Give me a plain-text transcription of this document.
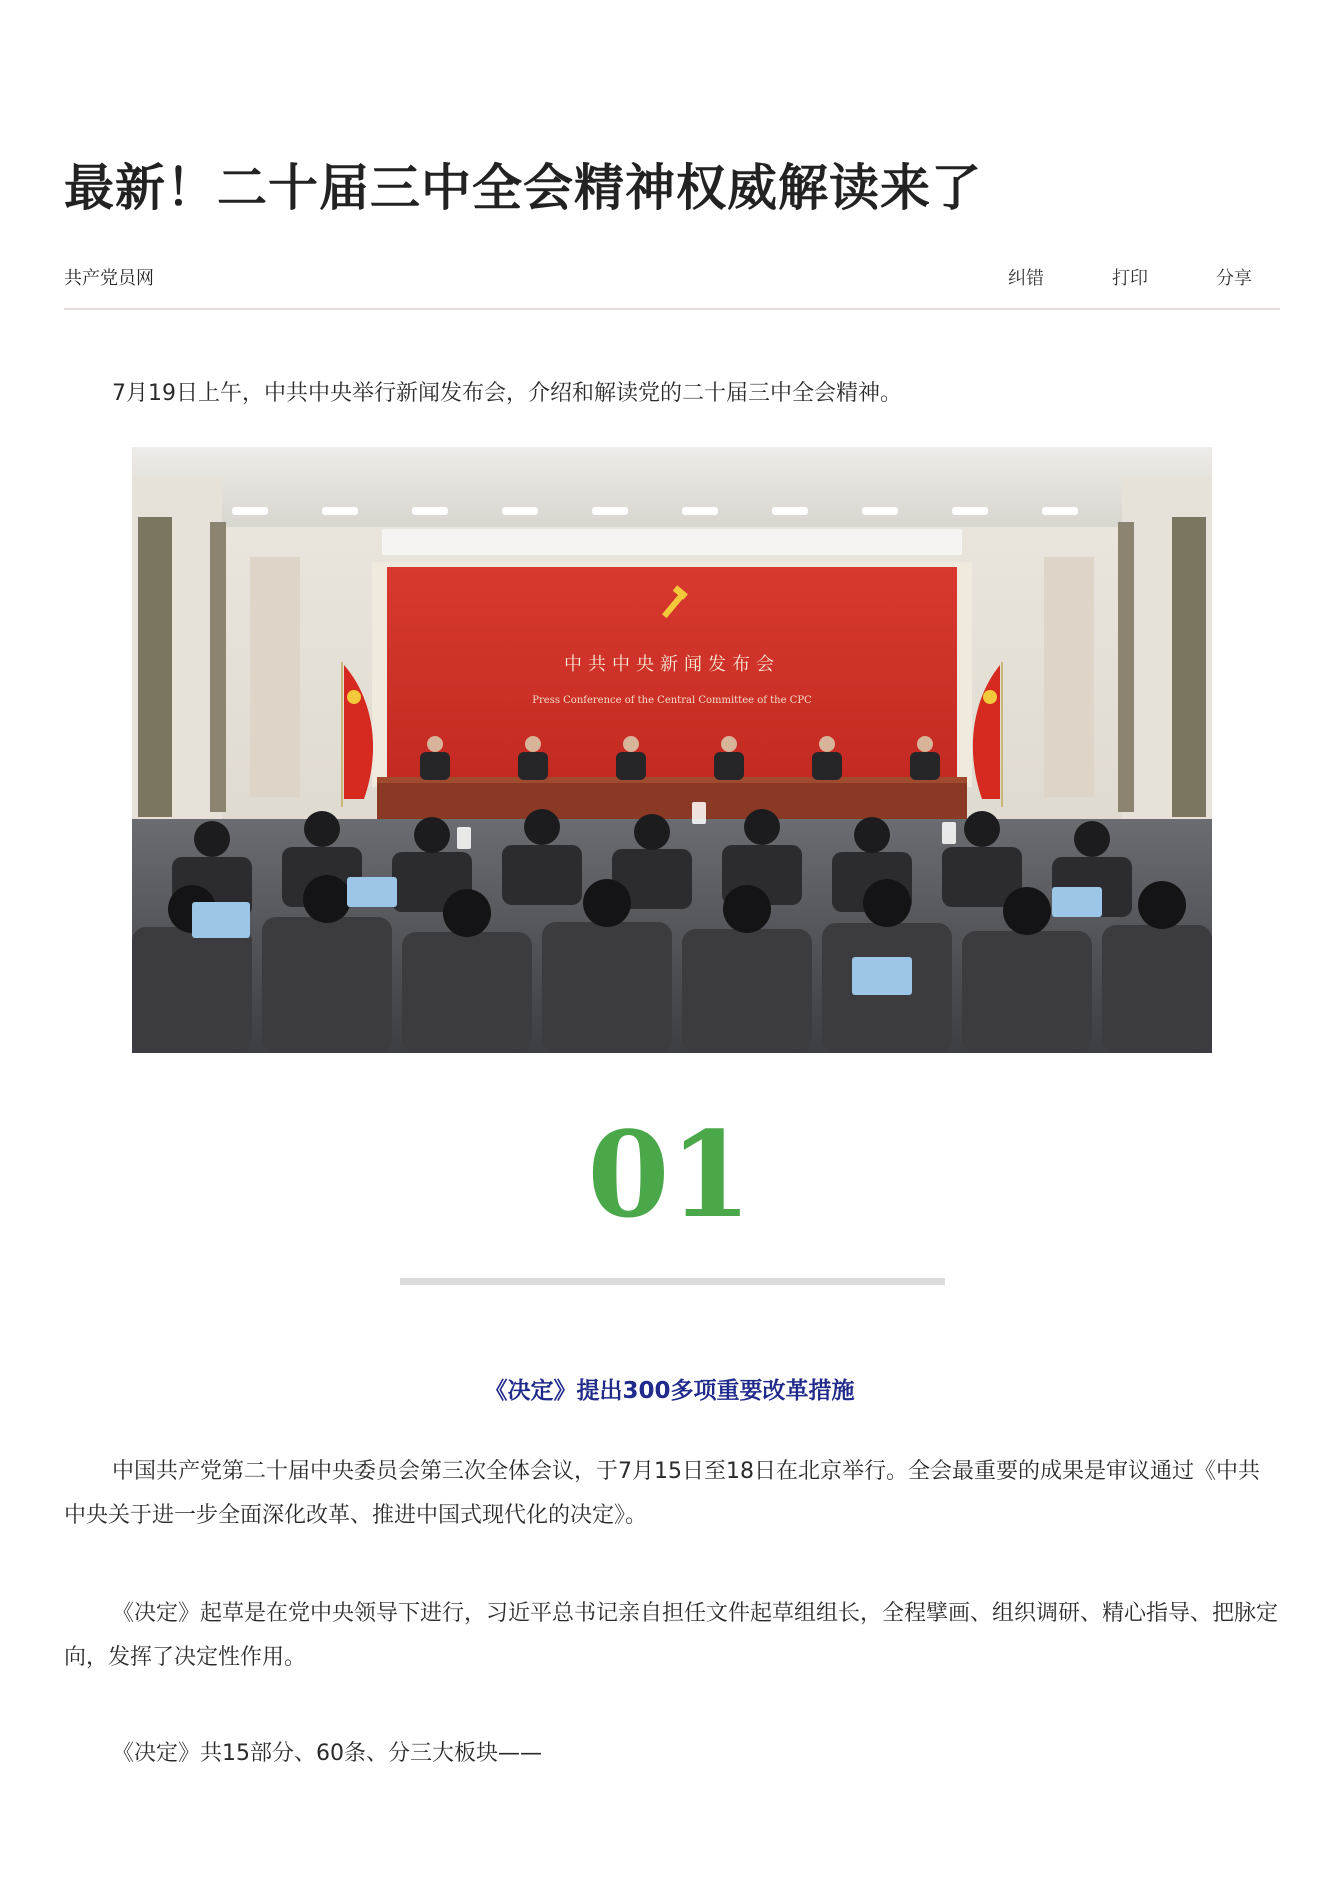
最新！二十届三中全会精神权威解读来了
共产党员网	纠错	打印	分享

7月19日上午，中共中央举行新闻发布会，介绍和解读党的二十届三中全会精神。

中共中央新闻发布会
Press Conference of the Central Committee of the CPC
01
《决定》提出300多项重要改革措施

中国共产党第二十届中央委员会第三次全体会议，于7月15日至18日在北京举行。全会最重要的成果是审议通过《中共中央关于进一步全面深化改革、推进中国式现代化的决定》。

《决定》起草是在党中央领导下进行，习近平总书记亲自担任文件起草组组长，全程擘画、组织调研、精心指导、把脉定向，发挥了决定性作用。

《决定》共15部分、60条、分三大板块——
